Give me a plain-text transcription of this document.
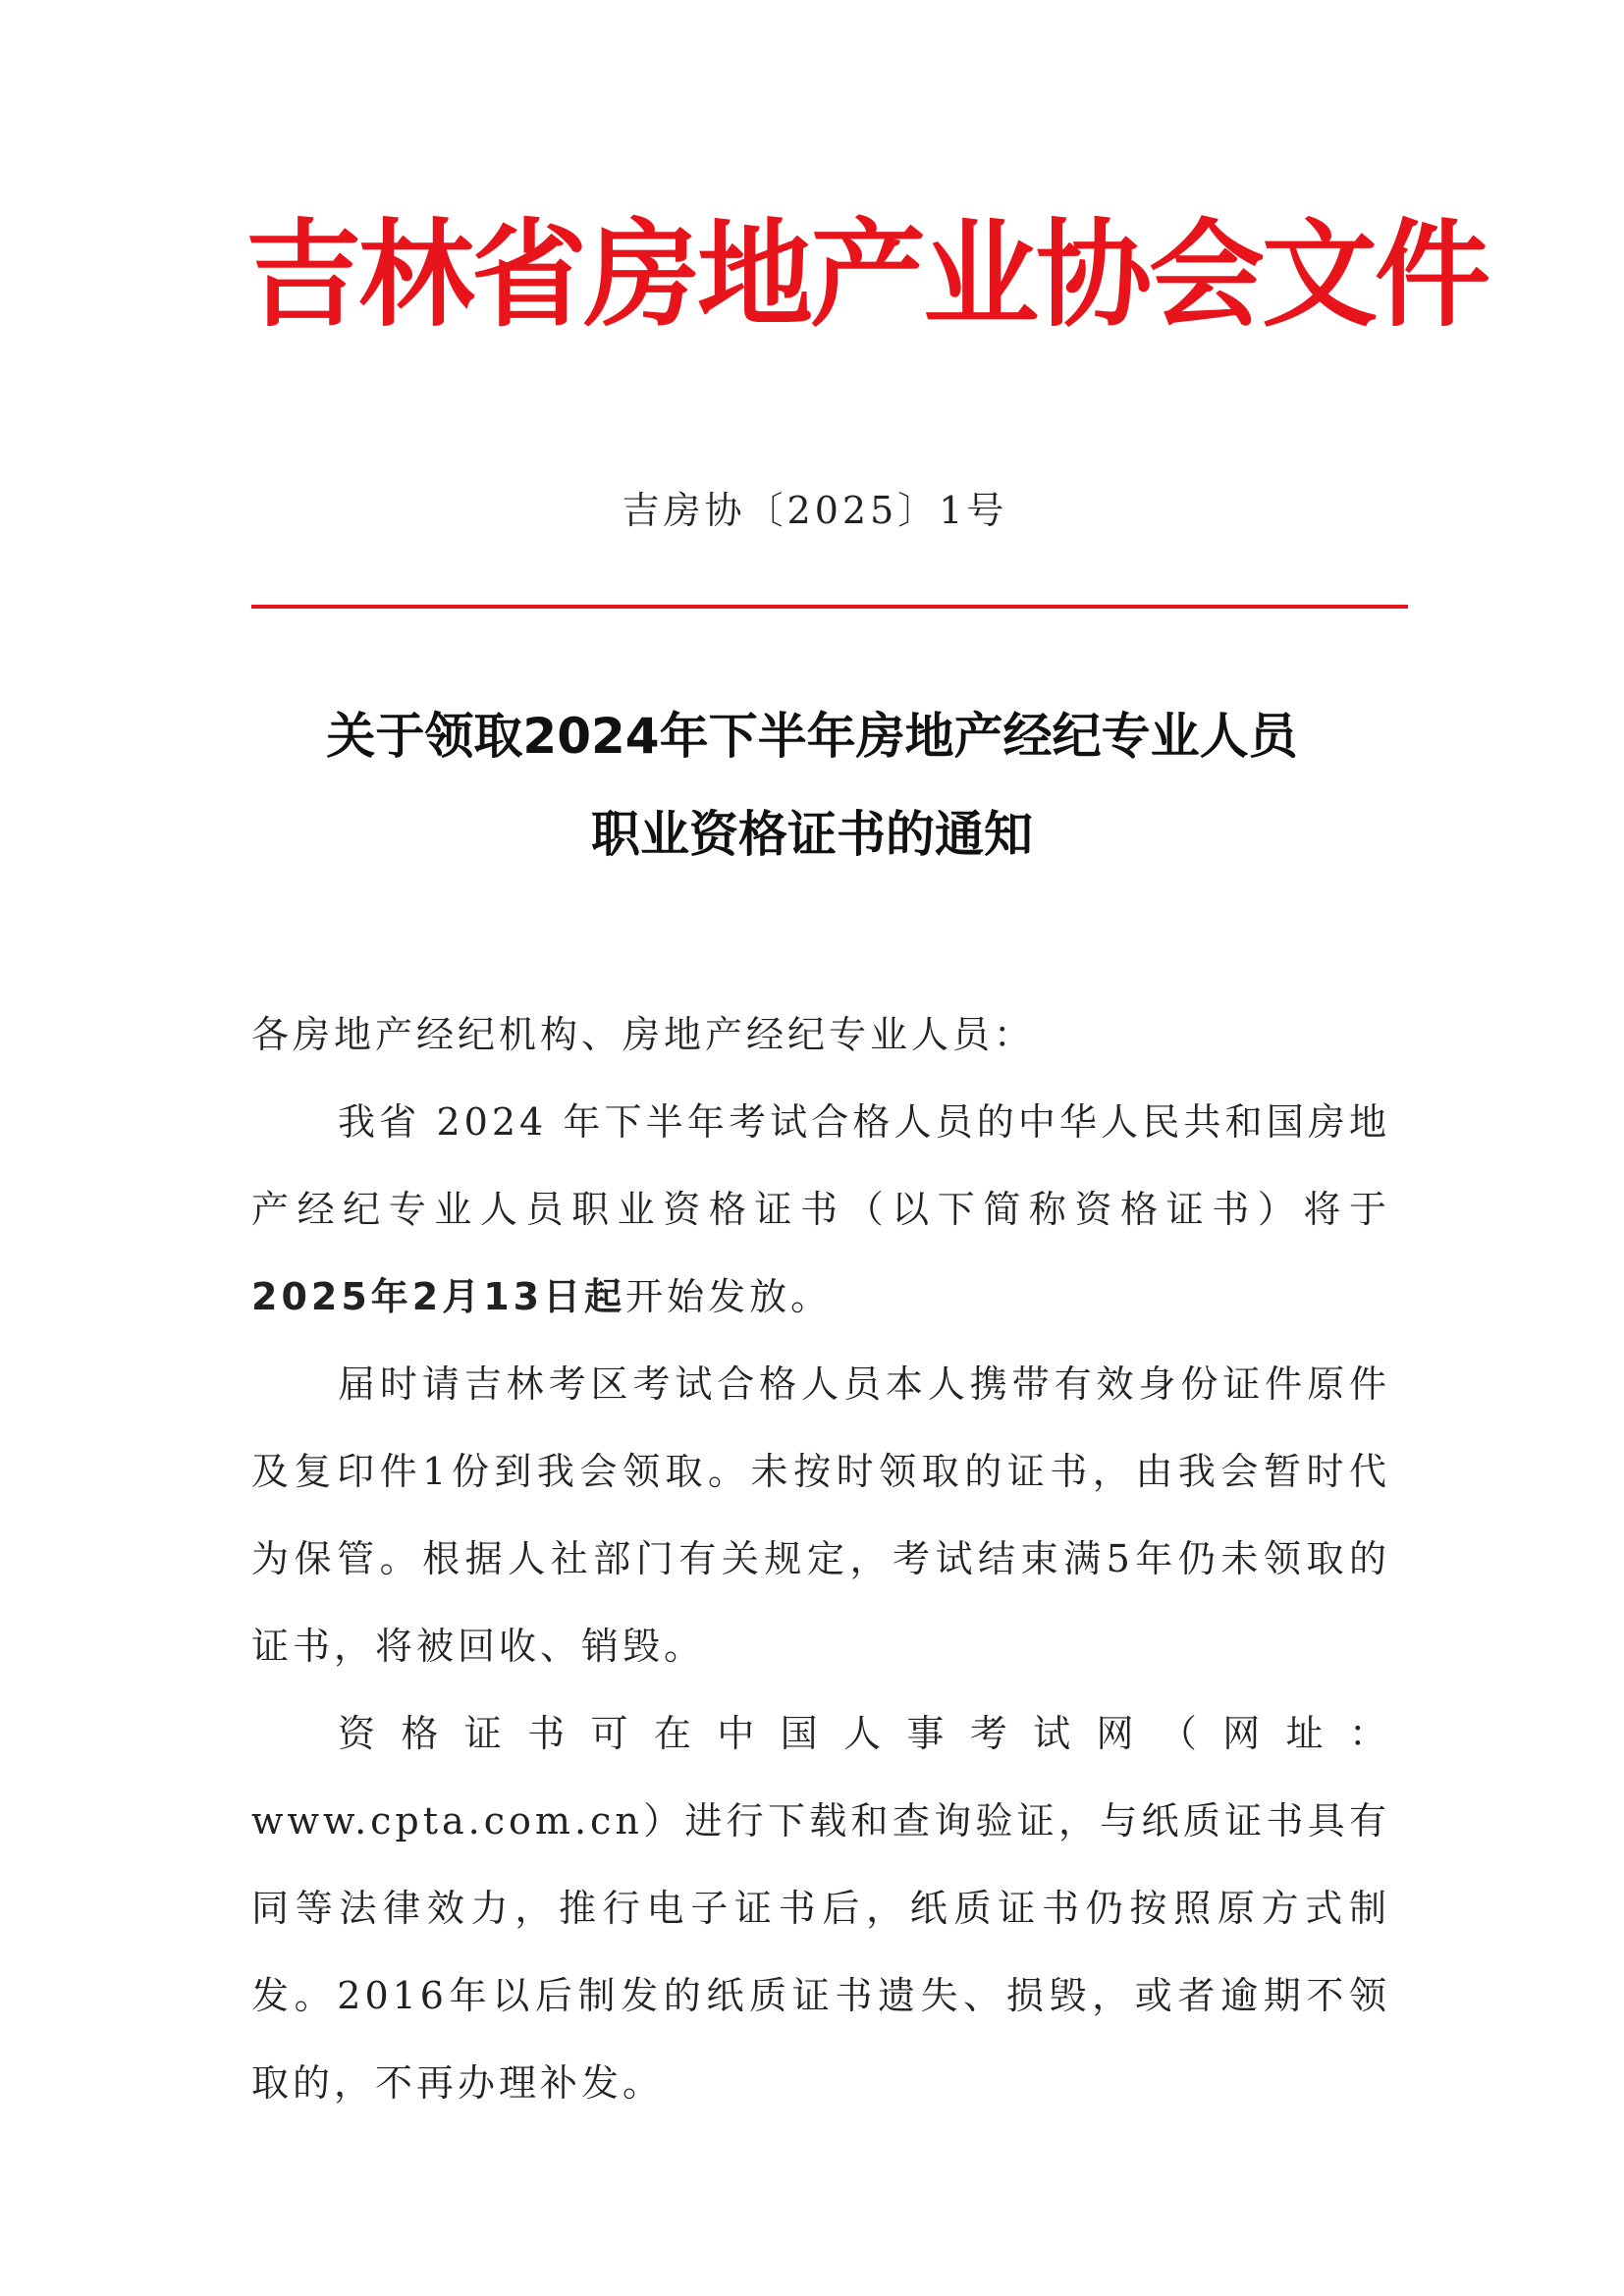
吉林省房地产业协会文件
吉房协〔2025〕1号
关于领取2024年下半年房地产经纪专业人员
职业资格证书的通知

各房地产经纪机构、房地产经纪专业人员：

我省 2024 年下半年考试合格人员的中华人民共和国房地产经纪专业人员职业资格证书（以下简称资格证书）将于2025年2月13日起开始发放。

届时请吉林考区考试合格人员本人携带有效身份证件原件及复印件1份到我会领取。未按时领取的证书，由我会暂时代为保管。根据人社部门有关规定，考试结束满5年仍未领取的证书，将被回收、销毁。

资格证书可在中国人事考试网（网址：www.cpta.com.cn）进行下载和查询验证，与纸质证书具有同等法律效力，推行电子证书后，纸质证书仍按照原方式制发。2016年以后制发的纸质证书遗失、损毁，或者逾期不领取的，不再办理补发。
